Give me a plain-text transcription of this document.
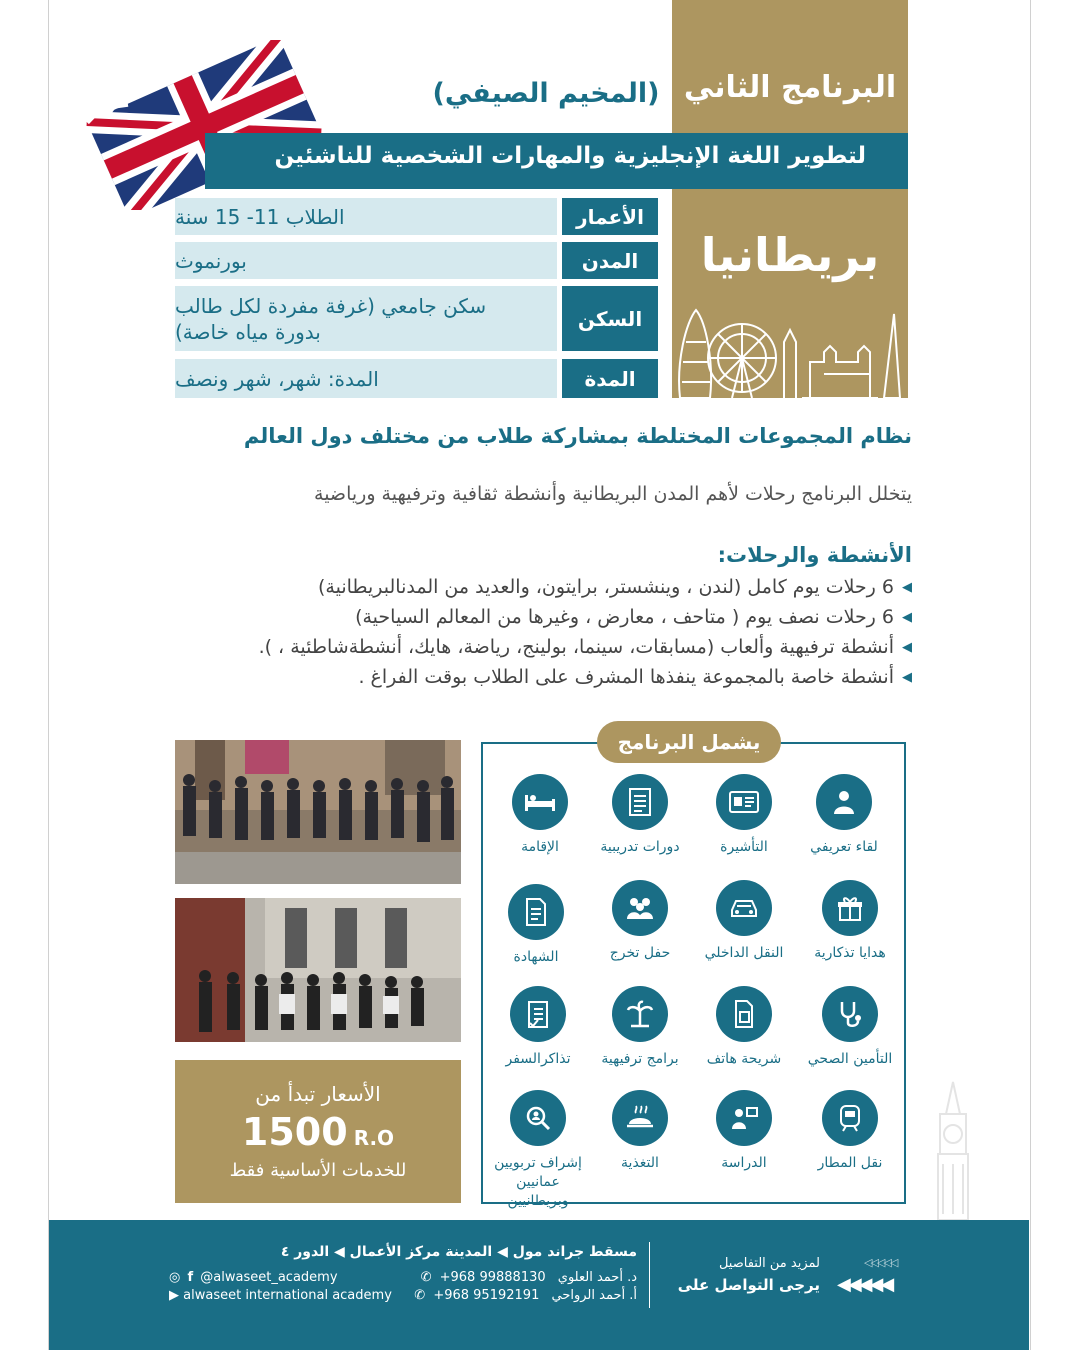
البرنامج الثاني
(المخيم الصيفي)
لتطوير اللغة الإنجليزية والمهارات الشخصية للناشئين
بريطانيا
الأعمار
الطلاب 11- 15 سنة
المدن
بورنموث
السكن
سكن جامعي (غرفة مفردة لكل طالب
بدورة مياه خاصة)
المدة
المدة: شهر، شهر ونصف
نظام المجموعات المختلطة بمشاركة طلاب من مختلف دول العالم
يتخلل البرنامج رحلات لأهم المدن البريطانية وأنشطة ثقافية وترفيهية ورياضية
الأنشطة والرحلات:
◀
6 رحلات يوم كامل (لندن ، وينشستر، برايتون، والعديد من المدنالبريطانية)
◀
6 رحلات نصف يوم ( متاحف ، معارض ، وغيرها من المعالم السياحية)
◀
أنشطة ترفيهية وألعاب (مسابقات، سينما، بولينج، رياضة، هايك، أنشطةشاطئية ، ).
◀
أنشطة خاصة بالمجموعة ينفذها المشرف على الطلاب بوقت الفراغ .
الأسعار تبدأ من
1500 R.O
للخدمات الأساسية فقط
يشمل البرنامج
لقاء تعريفي
التأشيرة
دورات تدريبية
الإقامة
هدايا تذكارية
النقل الداخلي
حفل تخرج
الشهادة
التأمين الصحي
شريحة هاتف
برامج ترفيهية
تذاكرالسفر
نقل المطار
الدراسة
التغذية
إشراف تربويين
عمانيين وبريطانيين
مسقط جراند مول ◀ المدينة مركز الأعمال ◀ الدور ٤
د. أحمد العلوي +968 99888130 ✆
أ. أحمد الرواحي +968 95192191 ✆
◎ f @alwaseet_academy
▶ alwaseet international academy
لمزيد من التفاصيل
يرجى التواصل على
◁◁◁◁◁
◀◀◀◀◀
